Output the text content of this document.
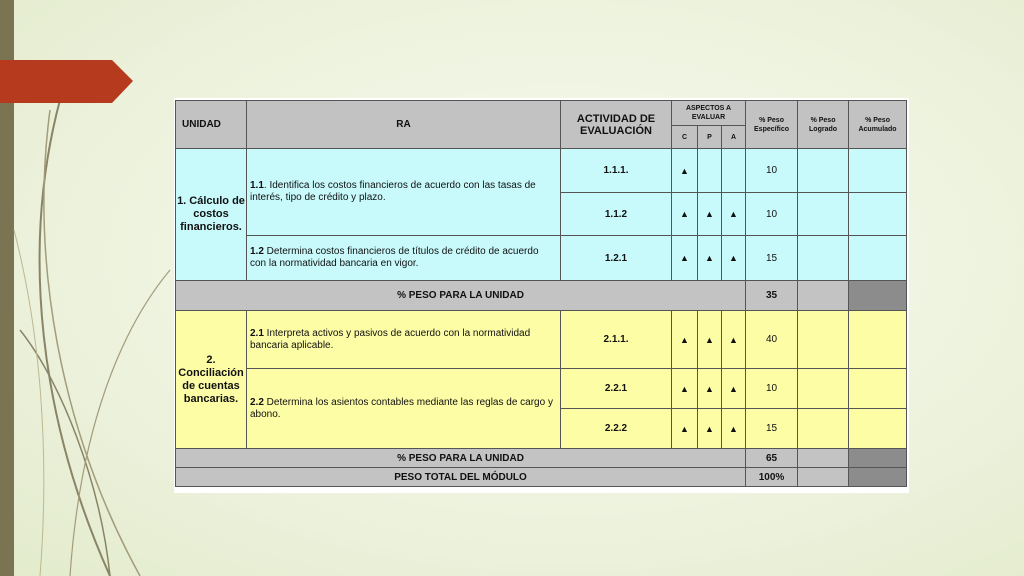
UNIDAD	RA	ACTIVIDAD DE EVALUACIÓN	ASPECTOS A EVALUAR			% Peso Específico	% Peso Logrado	% Peso Acumulado
			C	P	A			
1. Cálculo de costos financieros.	1.1. Identifica los costos financieros de acuerdo con las tasas de interés, tipo de crédito y plazo.	1.1.1.	▲			10		
		1.1.2	▲	▲	▲	10		
	1.2 Determina costos financieros de títulos de crédito de acuerdo con la normatividad bancaria en vigor.	1.2.1	▲	▲	▲	15		
% PESO PARA LA UNIDAD						35		
2. Conciliación de cuentas bancarias.	2.1 Interpreta activos y pasivos de acuerdo con la normatividad bancaria aplicable.	2.1.1.	▲	▲	▲	40		
	2.2 Determina los asientos contables mediante las reglas de cargo y abono.	2.2.1	▲	▲	▲	10		
		2.2.2	▲	▲	▲	15		
% PESO PARA LA UNIDAD						65		
PESO TOTAL DEL MÓDULO						100%		
